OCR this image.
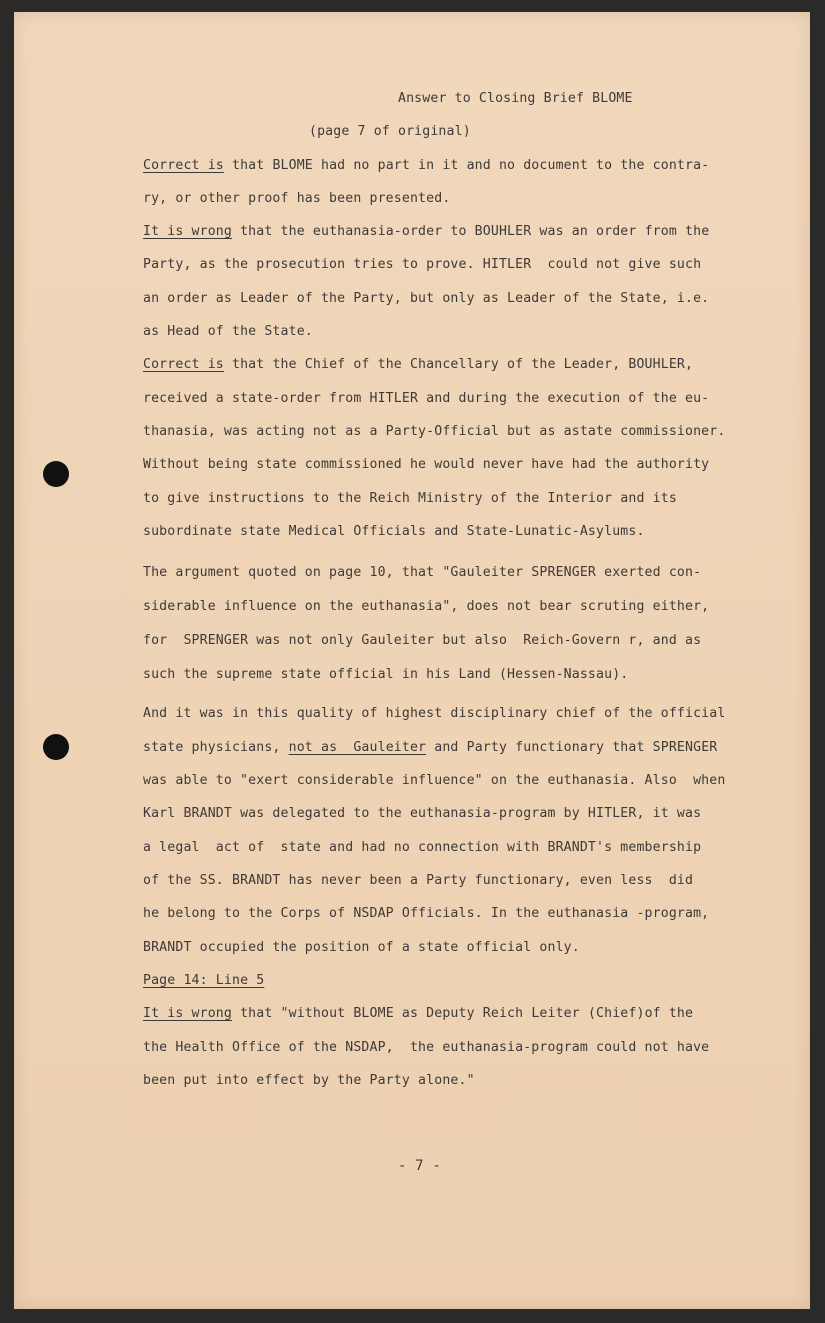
Answer to Closing Brief BLOME
(page 7 of original)
Correct is that BLOME had no part in it and no document to the contra-
ry, or other proof has been presented.
It is wrong that the euthanasia-order to BOUHLER was an order from the
Party, as the prosecution tries to prove. HITLER  could not give such
an order as Leader of the Party, but only as Leader of the State, i.e.
as Head of the State.
Correct is that the Chief of the Chancellary of the Leader, BOUHLER,
received a state-order from HITLER and during the execution of the eu-
thanasia, was acting not as a Party-Official but as astate commissioner.
Without being state commissioned he would never have had the authority
to give instructions to the Reich Ministry of the Interior and its
subordinate state Medical Officials and State-Lunatic-Asylums.
The argument quoted on page 10, that "Gauleiter SPRENGER exerted con-
siderable influence on the euthanasia", does not bear scruting either,
for  SPRENGER was not only Gauleiter but also  Reich-Govern r, and as
such the supreme state official in his Land (Hessen-Nassau).
And it was in this quality of highest disciplinary chief of the official
state physicians, not as  Gauleiter and Party functionary that SPRENGER
was able to "exert considerable influence" on the euthanasia. Also  when
Karl BRANDT was delegated to the euthanasia-program by HITLER, it was
a legal  act of  state and had no connection with BRANDT's membership
of the SS. BRANDT has never been a Party functionary, even less  did
he belong to the Corps of NSDAP Officials. In the euthanasia -program,
BRANDT occupied the position of a state official only.
Page 14: Line 5
It is wrong that "without BLOME as Deputy Reich Leiter (Chief)of the
the Health Office of the NSDAP,  the euthanasia-program could not have
been put into effect by the Party alone."
- 7 -
